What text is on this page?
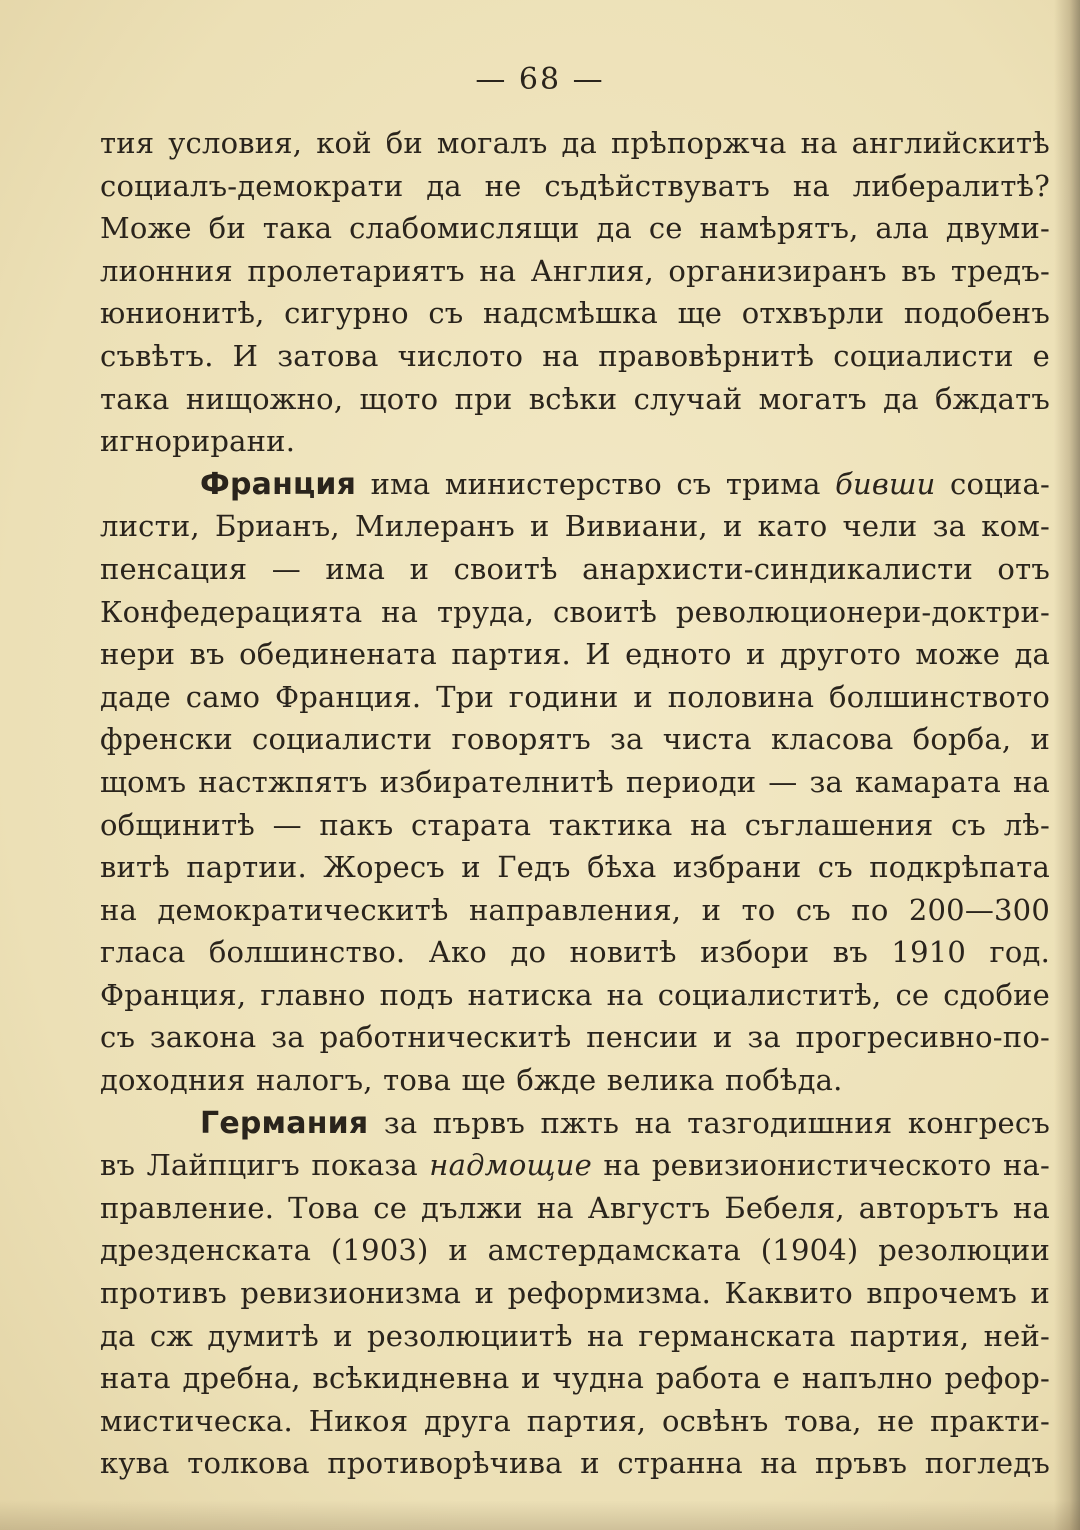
— 68 —
тия условия, кой би могалъ да прѣпоржча на английскитѣ
социалъ-демократи да не съдѣйствуватъ на либералитѣ?
Може би така слабомислящи да се намѣрятъ, ала двуми-
лионния пролетариятъ на Англия, организиранъ въ тредъ-
юнионитѣ, сигурно съ надсмѣшка ще отхвърли подобенъ
съвѣтъ. И затова числото на правовѣрнитѣ социалисти е
така нищожно, щото при всѣки случай могатъ да бждатъ
игнорирани.
Франция има министерство съ трима бивши социа-
листи, Брианъ, Милеранъ и Вивиани, и като чели за ком-
пенсация — има и своитѣ анархисти-синдикалисти отъ
Конфедерацията на труда, своитѣ революционери-доктри-
нери въ обединената партия. И едното и другото може да
даде само Франция. Три години и половина болшинството
френски социалисти говорятъ за чиста класова борба, и
щомъ настжпятъ избирателнитѣ периоди — за камарата на
общинитѣ — пакъ старата тактика на съглашения съ лѣ-
витѣ партии. Жоресъ и Гедъ бѣха избрани съ подкрѣпата
на демократическитѣ направления, и то съ по 200—300
гласа болшинство. Ако до новитѣ избори въ 1910 год.
Франция, главно подъ натиска на социалиститѣ, се сдобие
съ закона за работническитѣ пенсии и за прогресивно-по-
доходния налогъ, това ще бжде велика побѣда.
Германия за първъ пжть на тазгодишния конгресъ
въ Лайпцигъ показа надмощие на ревизионистическото на-
правление. Това се дължи на Августъ Бебеля, авторътъ на
дрезденската (1903) и амстердамската (1904) резолюции
противъ ревизионизма и реформизма. Каквито впрочемъ и
да сж думитѣ и резолюциитѣ на германската партия, ней-
ната дребна, всѣкидневна и чудна работа е напълно рефор-
мистическа. Никоя друга партия, освѣнъ това, не практи-
кува толкова противорѣчива и странна на пръвъ погледъ
